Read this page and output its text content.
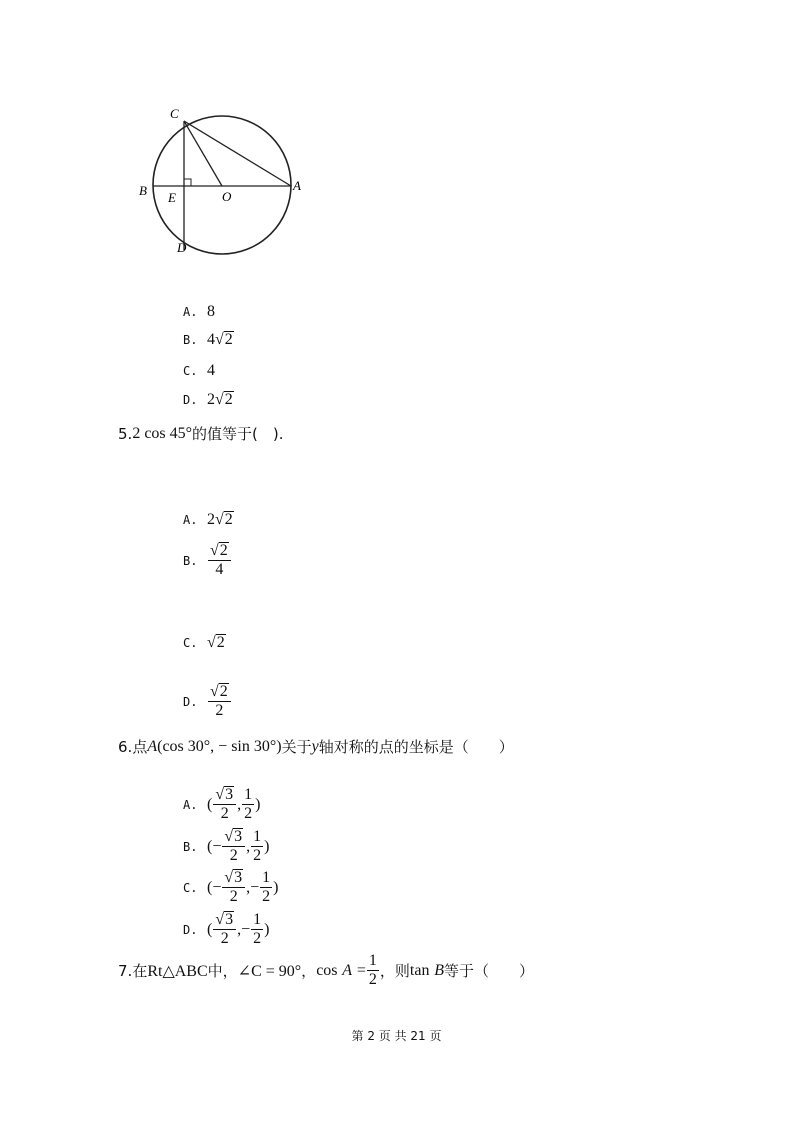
C
B E	O
A
D
A. 8
B. 4 √ 2
C. 4
D. 2 √ 2
5. 2 cos 45° 的值等于(　).
A. 2 √ 2
B. $\frac{√ 2}{4}$
C. √ 2
D. $\frac{√ 2}{2}$
6. 点 A (cos 30°, − sin 30°) 关于 y 轴对称的点的坐标是（　　）
A. ( $\frac{√ 3}{2}$ , $\frac{1}{2}$ )
B. ( − $\frac{√ 3}{2}$ , $\frac{1}{2}$ )
C. ( − $\frac{√ 3}{2}$ , − $\frac{1}{2}$ )
D. ( $\frac{√ 3}{2}$ , − $\frac{1}{2}$ )
7. 在 Rt△ABC 中， ∠C = 90° ， cos
A
= $\frac{1}{2}$ ，则 tan
B 等于（　　）
第 2 页 共 21 页
